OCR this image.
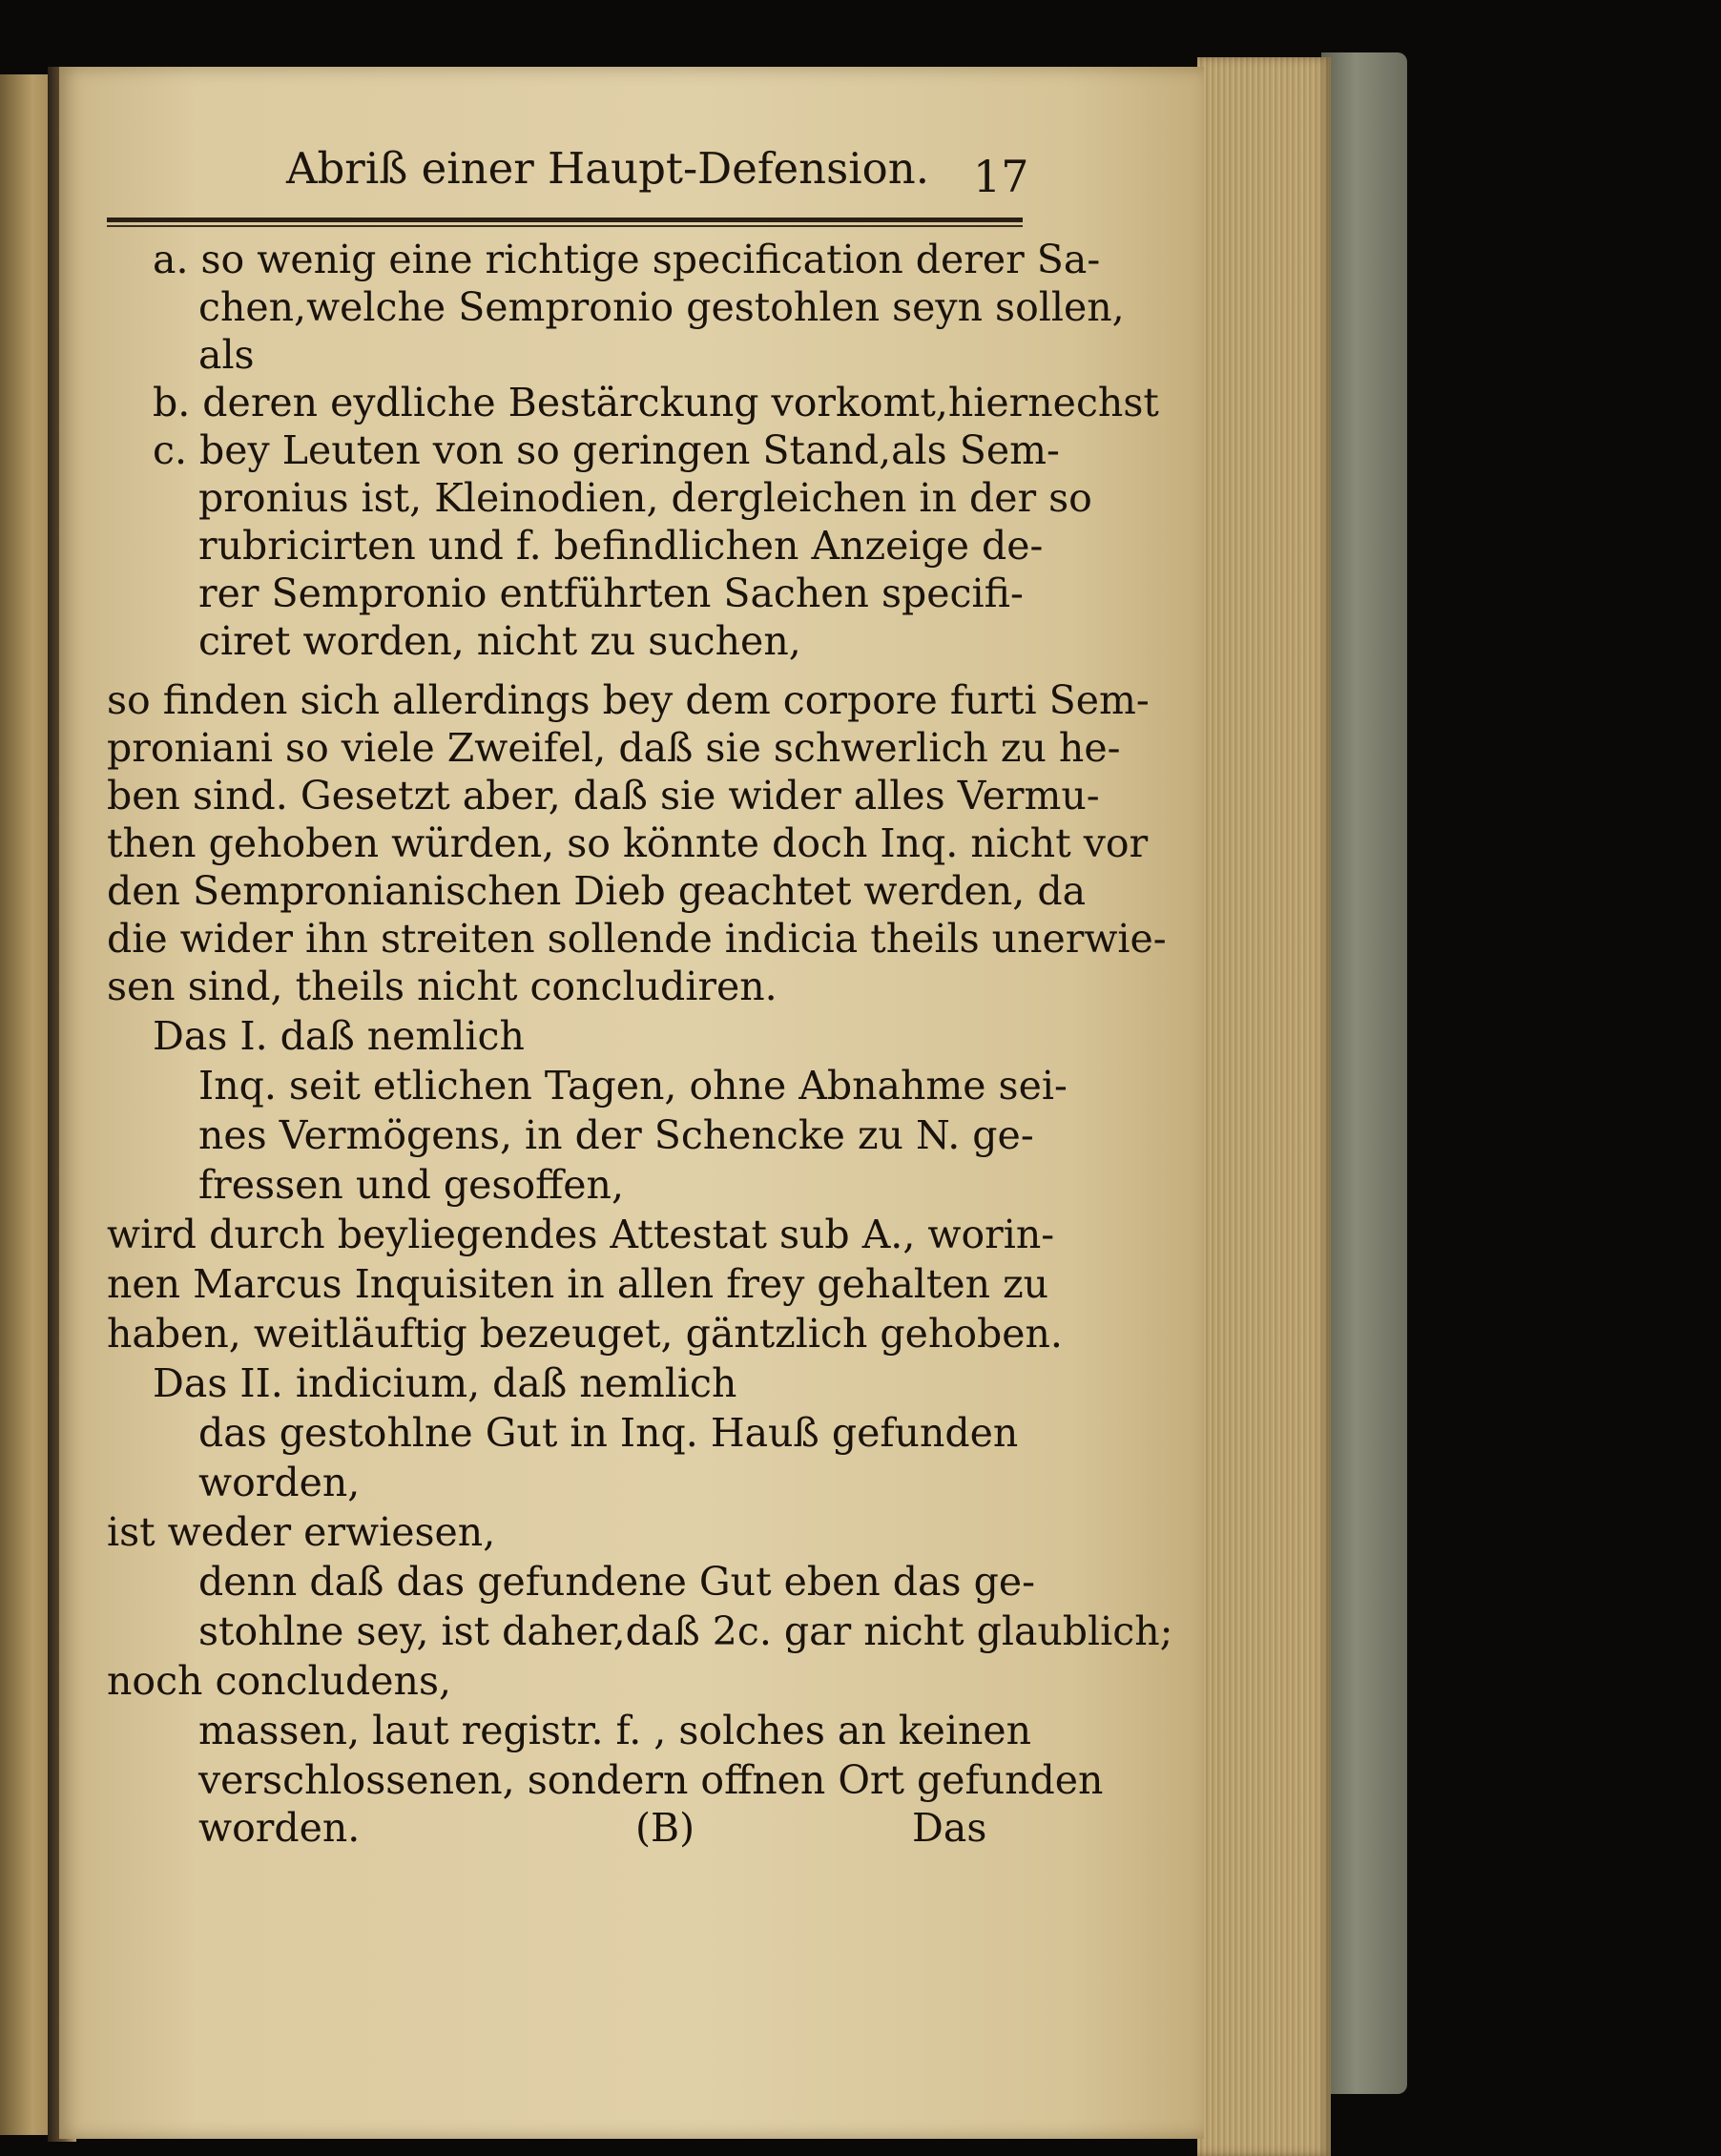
Abriß einer Haupt-Defension. 17
a. so wenig eine richtige specification derer Sa-
chen,welche Sempronio gestohlen seyn sollen,
als
b. deren eydliche Bestärckung vorkomt,hiernechst
c. bey Leuten von so geringen Stand,als Sem-
pronius ist, Kleinodien, dergleichen in der so
rubricirten und f. befindlichen Anzeige de-
rer Sempronio entführten Sachen specifi-
ciret worden, nicht zu suchen,
so finden sich allerdings bey dem corpore furti Sem-
proniani so viele Zweifel, daß sie schwerlich zu he-
ben sind. Gesetzt aber, daß sie wider alles Vermu-
then gehoben würden, so könnte doch Inq. nicht vor
den Sempronianischen Dieb geachtet werden, da
die wider ihn streiten sollende indicia theils unerwie-
sen sind, theils nicht concludiren.
Das I. daß nemlich
Inq. seit etlichen Tagen, ohne Abnahme sei-
nes Vermögens, in der Schencke zu N. ge-
fressen und gesoffen,
wird durch beyliegendes Attestat sub A., worin-
nen Marcus Inquisiten in allen frey gehalten zu
haben, weitläuftig bezeuget, gäntzlich gehoben.
Das II. indicium, daß nemlich
das gestohlne Gut in Inq. Hauß gefunden
worden,
ist weder erwiesen,
denn daß das gefundene Gut eben das ge-
stohlne sey, ist daher,daß 2c. gar nicht glaublich;
noch concludens,
massen, laut registr. f. , solches an keinen
verschlossenen, sondern offnen Ort gefunden
worden.	(B)	Das
